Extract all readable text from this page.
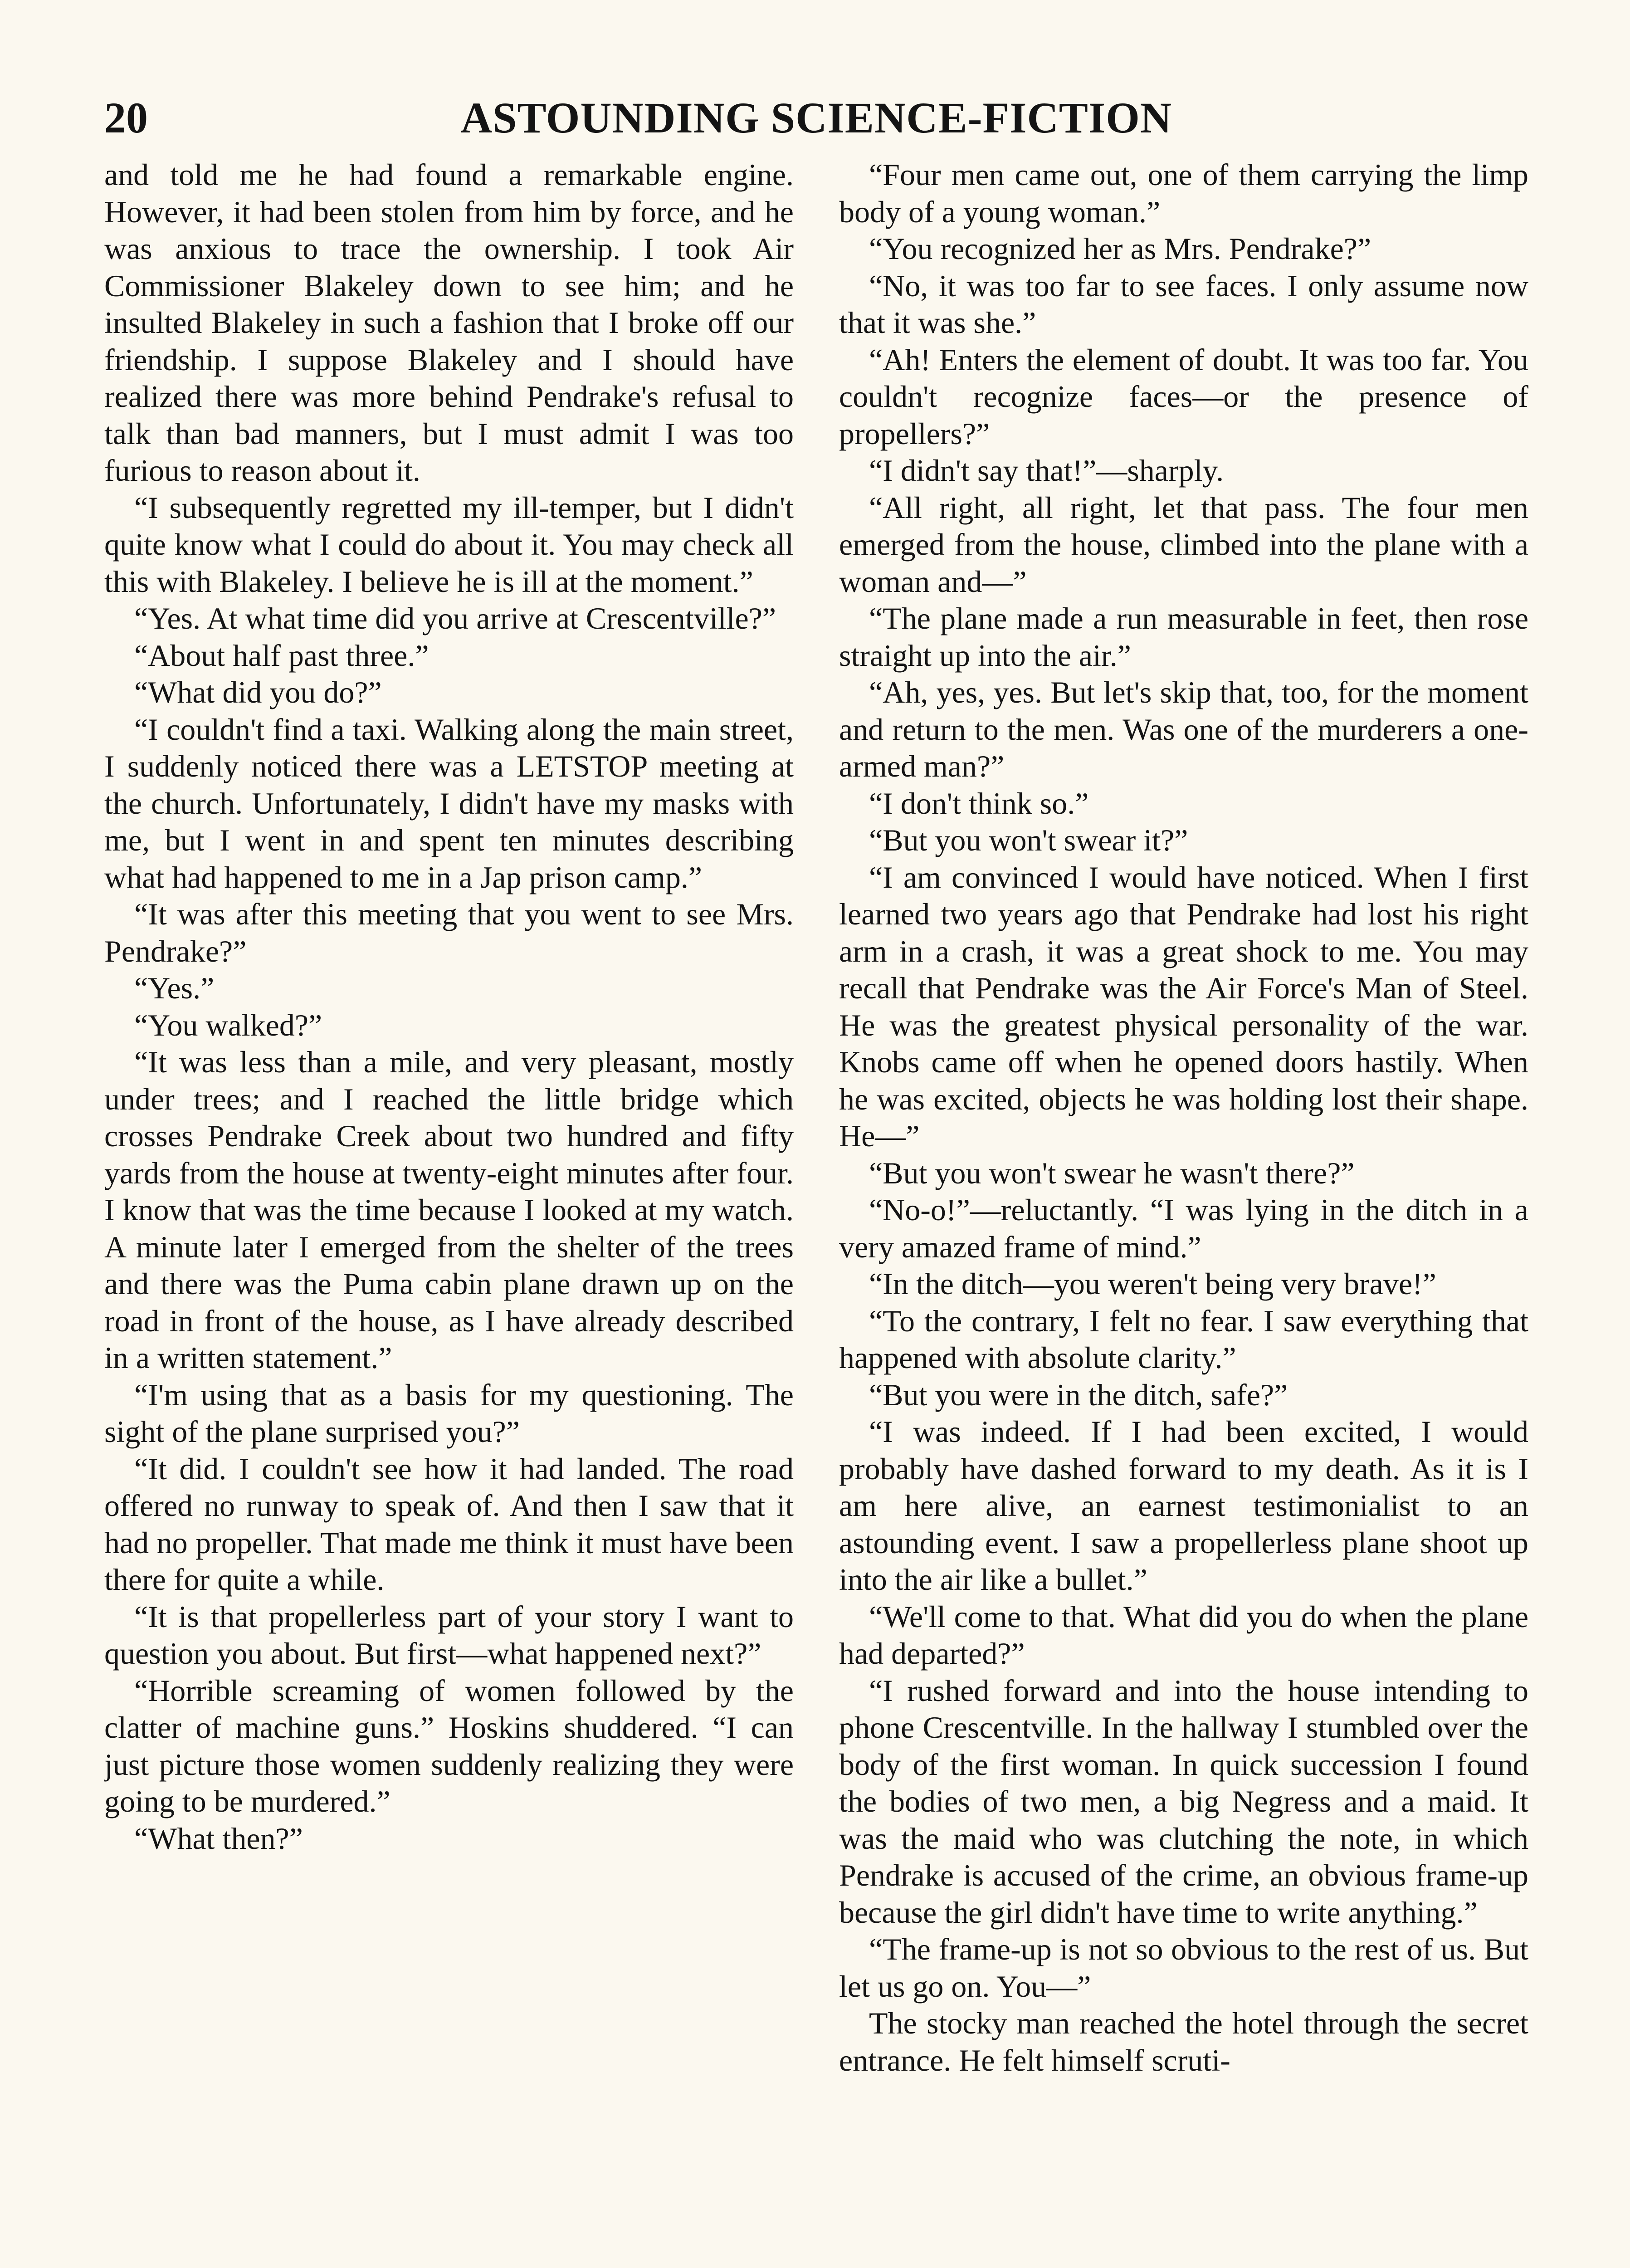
20	ASTOUNDING SCIENCE-FICTION

and told me he had found a remarkable engine. However, it had been stolen from him by force, and he was anxious to trace the ownership. I took Air Commissioner Blakeley down to see him; and he insulted Blakeley in such a fashion that I broke off our friendship. I suppose Blakeley and I should have realized there was more behind Pendrake's refusal to talk than bad manners, but I must admit I was too furious to reason about it.

“I subsequently regretted my ill-temper, but I didn't quite know what I could do about it. You may check all this with Blakeley. I believe he is ill at the moment.”

“Yes. At what time did you arrive at Crescentville?”

“About half past three.”

“What did you do?”

“I couldn't find a taxi. Walking along the main street, I suddenly noticed there was a LETSTOP meeting at the church. Unfortunately, I didn't have my masks with me, but I went in and spent ten minutes describing what had happened to me in a Jap prison camp.”

“It was after this meeting that you went to see Mrs. Pendrake?”

“Yes.”

“You walked?”

“It was less than a mile, and very pleasant, mostly under trees; and I reached the little bridge which crosses Pendrake Creek about two hundred and fifty yards from the house at twenty-eight minutes after four. I know that was the time because I looked at my watch. A minute later I emerged from the shelter of the trees and there was the Puma cabin plane drawn up on the road in front of the house, as I have already described in a written statement.”

“I'm using that as a basis for my questioning. The sight of the plane surprised you?”

“It did. I couldn't see how it had landed. The road offered no runway to speak of. And then I saw that it had no propeller. That made me think it must have been there for quite a while.

“It is that propellerless part of your story I want to question you about. But first—what happened next?”

“Horrible screaming of women followed by the clatter of machine guns.” Hoskins shuddered. “I can just picture those women suddenly realizing they were going to be murdered.”

“What then?”

“Four men came out, one of them carrying the limp body of a young woman.”

“You recognized her as Mrs. Pendrake?”

“No, it was too far to see faces. I only assume now that it was she.”

“Ah! Enters the element of doubt. It was too far. You couldn't recognize faces—or the presence of propellers?”

“I didn't say that!”—sharply.

“All right, all right, let that pass. The four men emerged from the house, climbed into the plane with a woman and—”

“The plane made a run measurable in feet, then rose straight up into the air.”

“Ah, yes, yes. But let's skip that, too, for the moment and return to the men. Was one of the murderers a one-armed man?”

“I don't think so.”

“But you won't swear it?”

“I am convinced I would have noticed. When I first learned two years ago that Pendrake had lost his right arm in a crash, it was a great shock to me. You may recall that Pendrake was the Air Force's Man of Steel. He was the greatest physical personality of the war. Knobs came off when he opened doors hastily. When he was excited, objects he was holding lost their shape. He—”

“But you won't swear he wasn't there?”

“No-o!”—reluctantly. “I was lying in the ditch in a very amazed frame of mind.”

“In the ditch—you weren't being very brave!”

“To the contrary, I felt no fear. I saw everything that happened with absolute clarity.”

“But you were in the ditch, safe?”

“I was indeed. If I had been excited, I would probably have dashed forward to my death. As it is I am here alive, an earnest testimonialist to an astounding event. I saw a propellerless plane shoot up into the air like a bullet.”

“We'll come to that. What did you do when the plane had departed?”

“I rushed forward and into the house intending to phone Crescentville. In the hallway I stumbled over the body of the first woman. In quick succession I found the bodies of two men, a big Negress and a maid. It was the maid who was clutching the note, in which Pendrake is accused of the crime, an obvious frame-up because the girl didn't have time to write anything.”

“The frame-up is not so obvious to the rest of us. But let us go on. You—”

The stocky man reached the hotel through the secret entrance. He felt himself scruti-
